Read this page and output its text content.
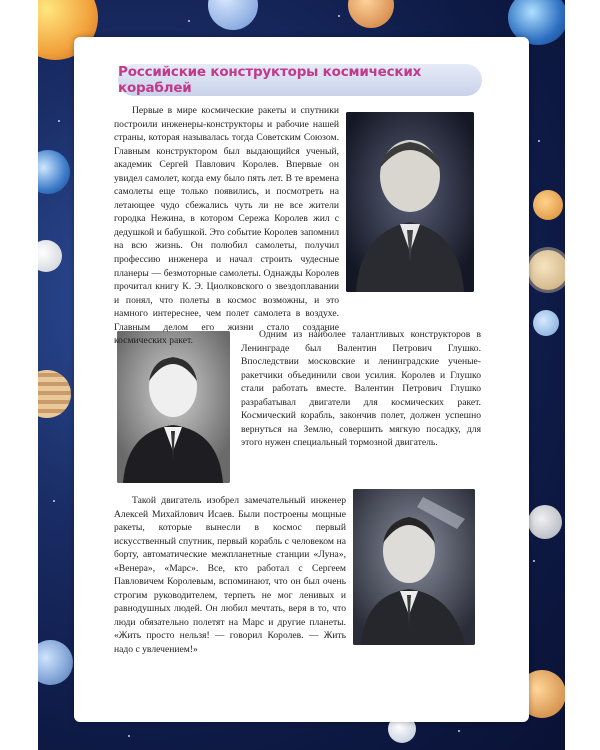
Российские конструкторы космических кораблей

Первые в мире космические ракеты и спутники построили инженеры-конструкторы и рабочие нашей страны, которая называлась тогда Советским Союзом. Главным конструктором был выдающийся ученый, академик Сергей Павлович Королев. Впервые он увидел самолет, когда ему было пять лет. В те времена самолеты еще только появились, и посмотреть на летающее чудо сбежались чуть ли не все жители городка Нежина, в котором Сережа Королев жил с дедушкой и бабушкой. Это событие Королев запомнил на всю жизнь. Он полюбил самолеты, получил профессию инженера и начал строить чудесные планеры — безмоторные самолеты. Однажды Королев прочитал книгу К. Э. Циолковского о звездоплавании и понял, что полеты в космос возможны, и это намного интереснее, чем полет самолета в воздухе. Главным делом его жизни стало создание космических ракет.

Одним из наиболее талантливых конструкторов в Ленинграде был Валентин Петрович Глушко. Впоследствии московские и ленинградские ученые-ракетчики объединили свои усилия. Королев и Глушко стали работать вместе. Валентин Петрович Глушко разрабатывал двигатели для космических ракет. Космический корабль, закончив полет, должен успешно вернуться на Землю, совершить мягкую посадку, для этого нужен специальный тормозной двигатель.

Такой двигатель изобрел замечательный инженер Алексей Михайлович Исаев. Были построены мощные ракеты, которые вынесли в космос первый искусственный спутник, первый корабль с человеком на борту, автоматические межпланетные станции «Луна», «Венера», «Марс». Все, кто работал с Сергеем Павловичем Королевым, вспоминают, что он был очень строгим руководителем, терпеть не мог ленивых и равнодушных людей. Он любил мечтать, веря в то, что люди обязательно полетят на Марс и другие планеты. «Жить просто нельзя! — говорил Королев. — Жить надо с увлечением!»
